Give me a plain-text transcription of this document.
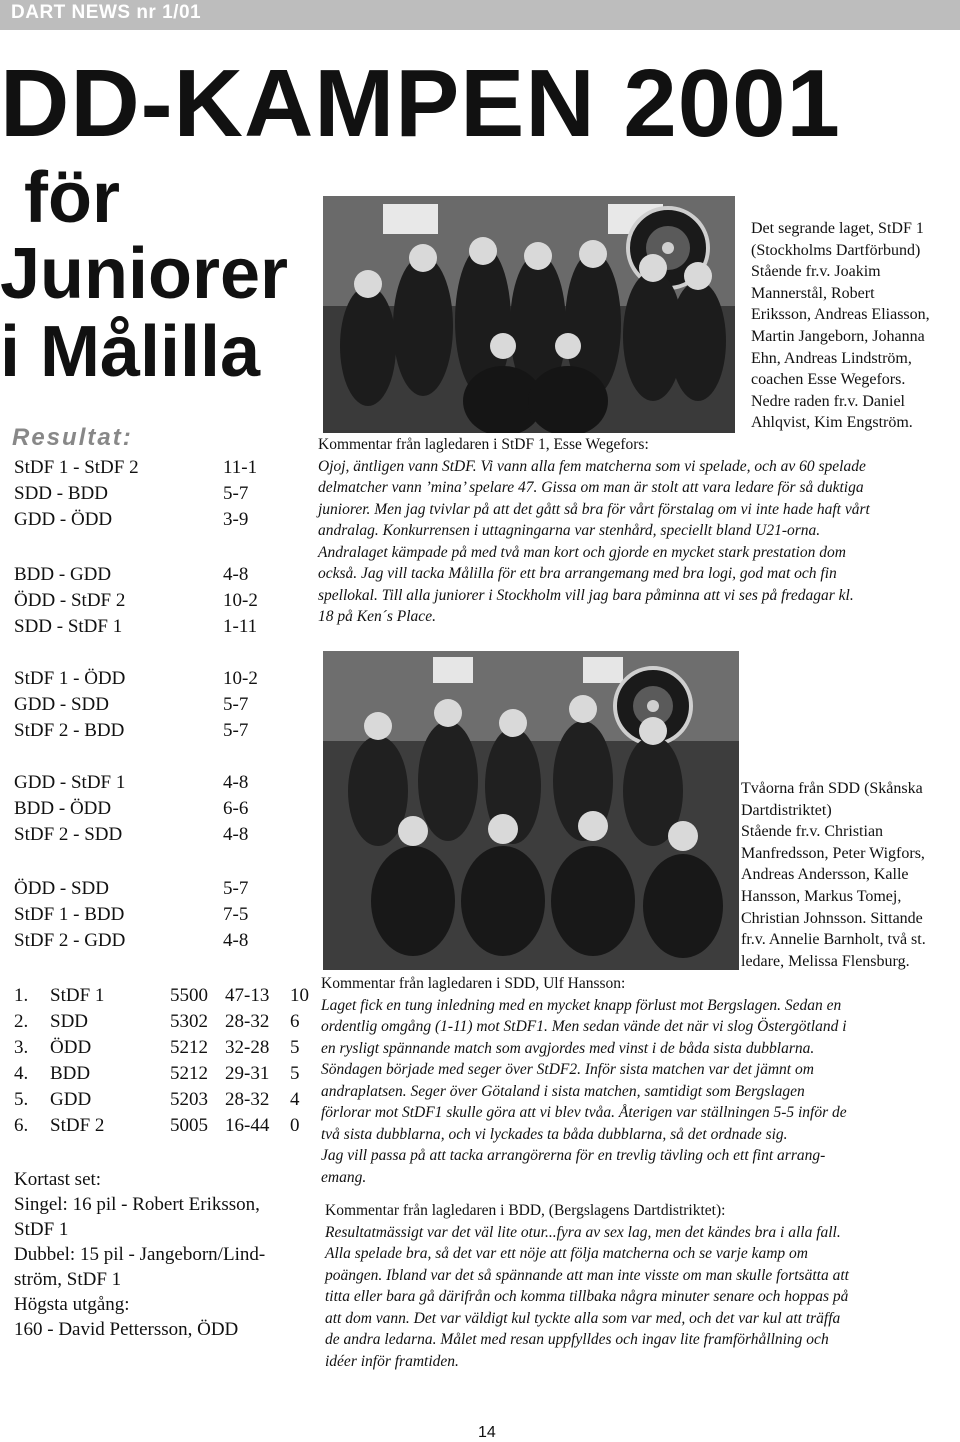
DART NEWS nr 1/01
DD-KAMPEN 2001
för
Juniorer
i Målilla
Resultat:
StDF 1 - StDF 2	11-1
SDD - BDD	5-7
GDD - ÖDD	3-9
BDD - GDD	4-8
ÖDD - StDF 2	10-2
SDD - StDF 1	1-11
StDF 1 - ÖDD	10-2
GDD - SDD	5-7
StDF 2 - BDD	5-7
GDD - StDF 1	4-8
BDD - ÖDD	6-6
StDF 2 - SDD	4-8
ÖDD - SDD	5-7
StDF 1 - BDD	7-5
StDF 2 - GDD	4-8
1. StDF 1	5500 47-13 10
2. SDD	5302 28-32 6
3. ÖDD	5212 32-28 5
4. BDD	5212 29-31 5
5. GDD	5203 28-32 4
6. StDF 2	5005 16-44 0
Kortast set:
Singel: 16 pil - Robert Eriksson,
StDF 1
Dubbel: 15 pil - Jangeborn/Lind-
ström, StDF 1
Högsta utgång:
160 - David Pettersson, ÖDD
Det segrande laget, StDF 1
(Stockholms Dartförbund)
Stående fr.v. Joakim
Mannerstål, Robert
Eriksson, Andreas Eliasson,
Martin Jangeborn, Johanna
Ehn, Andreas Lindström,
coachen Esse Wegefors.
Nedre raden fr.v. Daniel
Ahlqvist, Kim Engström.
Kommentar från lagledaren i StDF 1, Esse Wegefors:
Ojoj, äntligen vann StDF. Vi vann alla fem matcherna som vi spelade, och av 60 spelade
delmatcher vann ’mina’ spelare 47. Gissa om man är stolt att vara ledare för så duktiga
juniorer. Men jag tvivlar på att det gått så bra för vårt förstalag om vi inte hade haft vårt
andralag. Konkurrensen i uttagningarna var stenhård, speciellt bland U21-orna.
Andralaget kämpade på med två man kort och gjorde en mycket stark prestation dom
också. Jag vill tacka Målilla för ett bra arrangemang med bra logi, god mat och fin
spellokal. Till alla juniorer i Stockholm vill jag bara påminna att vi ses på fredagar kl.
18 på Ken´s Place.
Tvåorna från SDD (Skånska
Dartdistriktet)
Stående fr.v. Christian
Manfredsson, Peter Wigfors,
Andreas Andersson, Kalle
Hansson, Markus Tomej,
Christian Johnsson. Sittande
fr.v. Annelie Barnholt, två st.
ledare, Melissa Flensburg.
Kommentar från lagledaren i SDD, Ulf Hansson:
Laget fick en tung inledning med en mycket knapp förlust mot Bergslagen. Sedan en
ordentlig omgång (1-11) mot StDF1. Men sedan vände det när vi slog Östergötland i
en rysligt spännande match som avgjordes med vinst i de båda sista dubblarna.
Söndagen började med seger över StDF2. Inför sista matchen var det jämnt om
andraplatsen. Seger över Götaland i sista matchen, samtidigt som Bergslagen
förlorar mot StDF1 skulle göra att vi blev tvåa. Återigen var ställningen 5-5 inför de
två sista dubblarna, och vi lyckades ta båda dubblarna, så det ordnade sig.
Jag vill passa på att tacka arrangörerna för en trevlig tävling och ett fint arrang-
emang.
Kommentar från lagledaren i BDD, (Bergslagens Dartdistriktet):
Resultatmässigt var det väl lite otur...fyra av sex lag, men det kändes bra i alla fall.
Alla spelade bra, så det var ett nöje att följa matcherna och se varje kamp om
poängen. Ibland var det så spännande att man inte visste om man skulle fortsätta att
titta eller bara gå därifrån och komma tillbaka några minuter senare och hoppas på
att dom vann. Det var väldigt kul tyckte alla som var med, och det var kul att träffa
de andra ledarna. Målet med resan uppfylldes och ingav lite framförhållning och
idéer inför framtiden.
14
